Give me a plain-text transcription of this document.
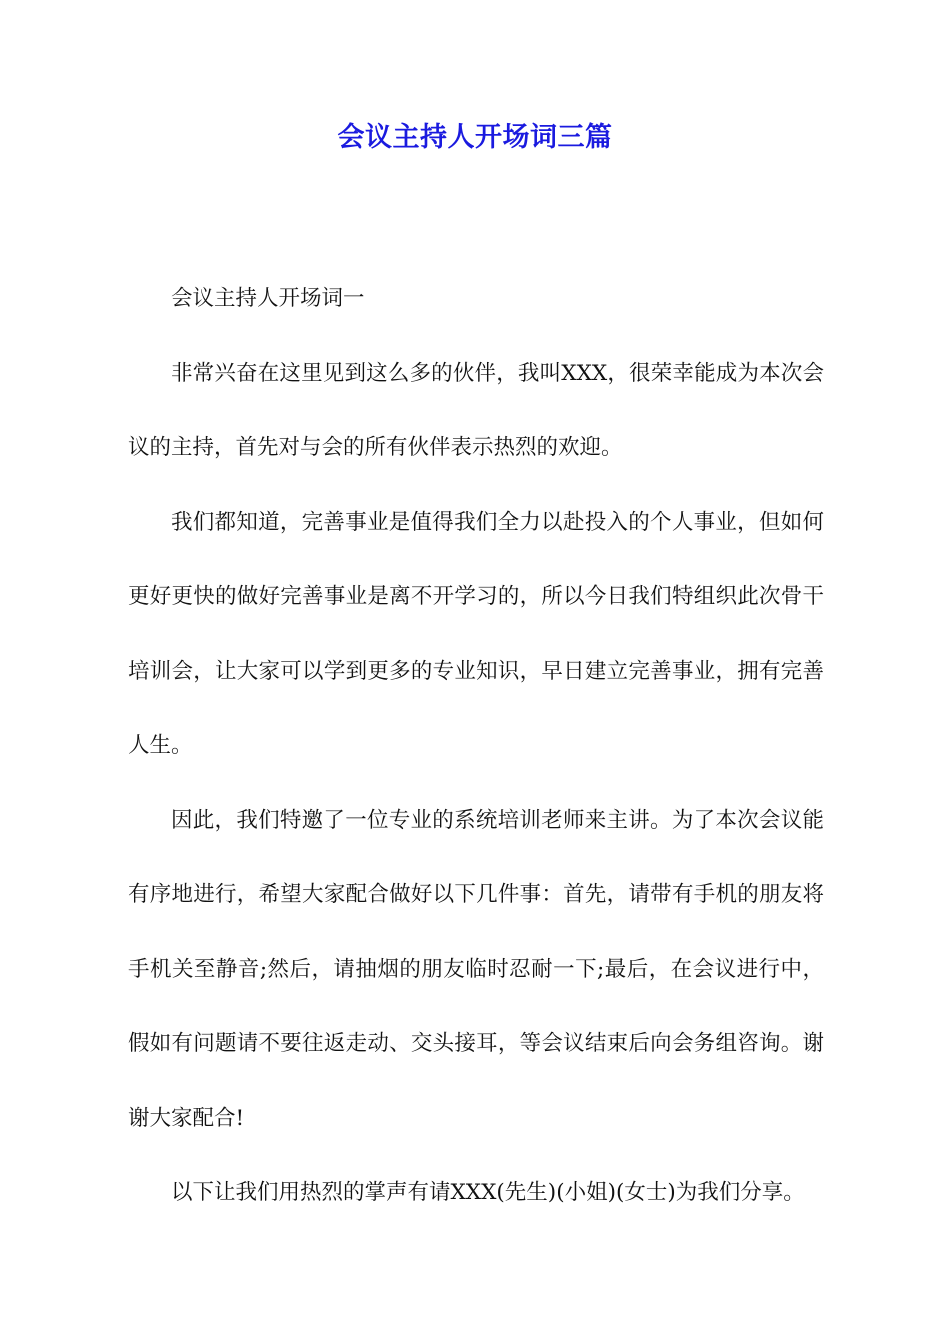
会议主持人开场词三篇

会议主持人开场词一

非常兴奋在这里见到这么多的伙伴，我叫XXX，很荣幸能成为本次会议的主持，首先对与会的所有伙伴表示热烈的欢迎。

我们都知道，完善事业是值得我们全力以赴投入的个人事业，但如何更好更快的做好完善事业是离不开学习的，所以今日我们特组织此次骨干培训会，让大家可以学到更多的专业知识，早日建立完善事业，拥有完善人生。

因此，我们特邀了一位专业的系统培训老师来主讲。为了本次会议能有序地进行，希望大家配合做好以下几件事：首先，请带有手机的朋友将手机关至静音;然后，请抽烟的朋友临时忍耐一下;最后，在会议进行中，假如有问题请不要往返走动、交头接耳，等会议结束后向会务组咨询。谢谢大家配合!

以下让我们用热烈的掌声有请XXX(先生)(小姐)(女士)为我们分享。
